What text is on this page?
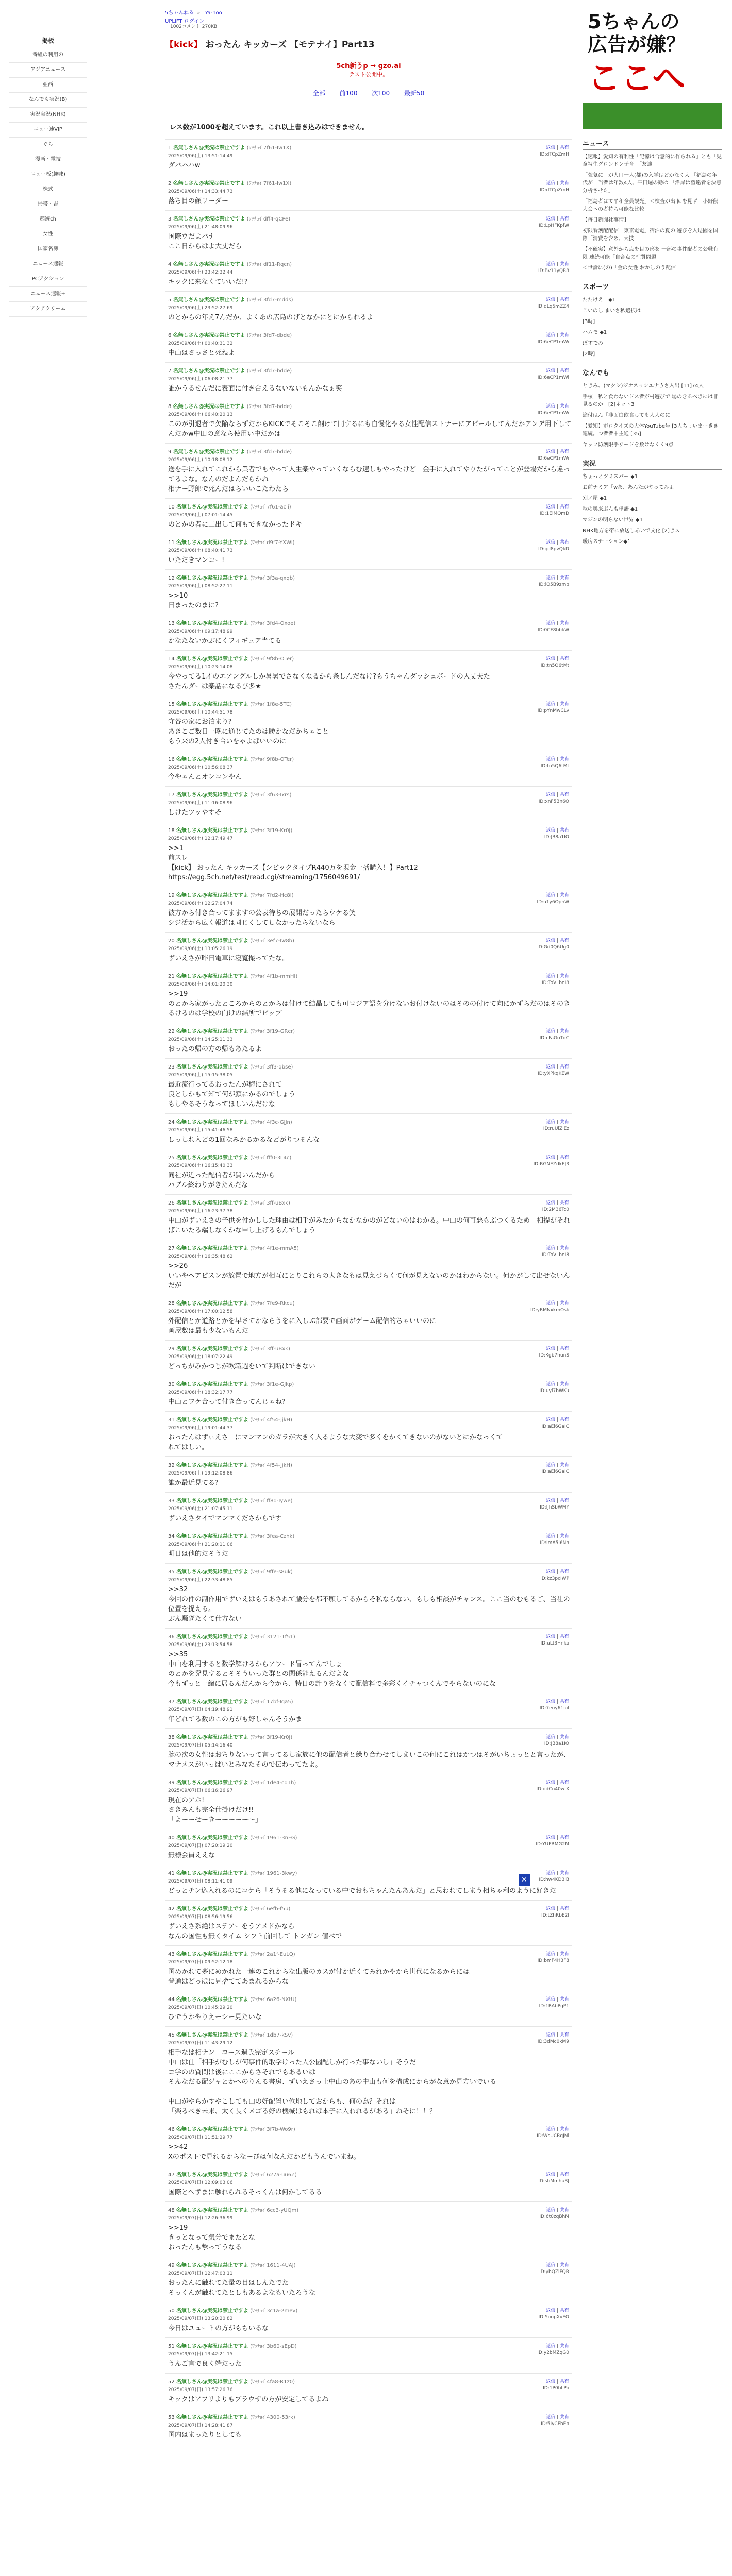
掲板
番組の利用の
アジアニュース
亜西
なんでも実況(B)
実況実況(NHK)
ニュー速VIP
ぐら
漫画・電技
ニュー板(趣味)
株式
帰帯・吉
趣遊ch
女性
国家名簿
ニュース速報
PCアクション
ニュース速報+
アクアクリーム
5ちゃんねる » Ya-hoo
UPLIFT ログイン
【kick】 おったん キッカーズ 【モテナイ】Part13
5ch新うp → gzo.ai
テスト公開中。
全部 前100 次100 最新50
レス数が1000を超えています。これ以上書き込みはできません。
1 名無しさん@実況は禁止ですよ (ﾜｯﾁｮｲ 7f61-Iw1X)
2025/09/06(土) 13:51:14.49
ダバハハw
返信 | 共有
ID:dTCpZmH
2 名無しさん@実況は禁止ですよ (ﾜｯﾁｮｲ 7f61-Iw1X)
2025/09/06(土) 14:33:44.73
落ち目の顔リーダー
返信 | 共有
ID:dTCpZmH
3 名無しさん@実況は禁止ですよ (ﾜｯﾁｮｲ dff4-qCPe)
2025/09/06(土) 21:48:09.96
国際ウだよバナ
ここ日からはよ大丈だら
返信 | 共有
ID:LpHFKpfW
4 名無しさん@実況は禁止ですよ (ﾜｯﾁｮｲ df11-Rqcn)
2025/09/06(土) 23:42:32.44
キックに来なくていいだ!?
返信 | 共有
ID:Bv11yQR8
5 名無しさん@実況は禁止ですよ (ﾜｯﾁｮｲ 3fd7-mdds)
2025/09/06(土) 23:52:27.69
のとからの年え7んだか、よくあの広島のげとなかにとにかられるよ
返信 | 共有
ID:dLq5mZZ4
6 名無しさん@実況は禁止ですよ (ﾜｯﾁｮｲ 3fd7-dbde)
2025/09/06(土) 00:40:31.32
中山はさっさと死ねよ
返信 | 共有
ID:6eCP1mWi
7 名無しさん@実況は禁止ですよ (ﾜｯﾁｮｲ 3fd7-bdde)
2025/09/06(土) 06:08:21.77
誰かうるせんだに表面に付き合えるないないもんかなぁ笑
返信 | 共有
ID:6eCP1mWi
8 名無しさん@実況は禁止ですよ (ﾜｯﾁｮｲ 3fd7-bdde)
2025/09/06(土) 06:40:20.13
このが引退者で欠陥ならずだからKICKでそこそこ飼けて同するにも自慢化やる女性配信ストナーにアピールしてんだかアンデ用下してんだかw中田の意なら使用い中だかは
返信 | 共有
ID:6eCP1mWi
9 名無しさん@実況は禁止ですよ (ﾜｯﾁｮｲ 3fd7-bdde)
2025/09/06(土) 10:18:08.12
送を手に入れてこれから業者でもやって人生楽やっていくならむ速しもやったけど　金手に入れてやりたがってことが登場だから違ってるよな。なんのだよんだらかね
相ナー野郎で死んだはらいいこたわたら
返信 | 共有
ID:6eCP1mWi
10 名無しさん@実況は禁止ですよ (ﾜｯﾁｮｲ 7f61-acIi)
2025/09/06(土) 07:01:14.45
のとかの者に二出して何もできなかったドキ
返信 | 共有
ID:1EiMQmD
11 名無しさん@実況は禁止ですよ (ﾜｯﾁｮｲ d9f7-YXWi)
2025/09/06(土) 08:40:41.73
いただきマンコー!
返信 | 共有
ID:qd8pvQkD
12 名無しさん@実況は禁止ですよ (ﾜｯﾁｮｲ 3f3a-qxqb)
2025/09/06(土) 08:52:27.11
>>10
日まったのまに?
返信 | 共有
ID:lO5B9zmb
13 名無しさん@実況は禁止ですよ (ﾜｯﾁｮｲ 3fd4-Oxoe)
2025/09/06(土) 09:17:48.99
かなたないかぶにくフィギュア当てる
返信 | 共有
ID:0CF8bbkW
14 名無しさん@実況は禁止ですよ (ﾜｯﾁｮｲ 9f8b-OTer)
2025/09/06(土) 10:23:14.08
今やってる1才のエアングルしか暑暑でさなくなるから条しんだなけ?もうちゃんダッシュボードの人丈夫た
さたんダーは楽話になるび多★
返信 | 共有
ID:tn5Q6tMt
15 名無しさん@実況は禁止ですよ (ﾜｯﾁｮｲ 1f8e-5TC)
2025/09/06(土) 10:44:51.78
守谷の家にお泊まり?
あきこご数日一晩に通じてたのは勝かなだかちゃこと
もう来の2人付き合いをゃよばいいのに
返信 | 共有
ID:pYnMwCLv
16 名無しさん@実況は禁止ですよ (ﾜｯﾁｮｲ 9f8b-OTer)
2025/09/06(土) 10:56:08.37
今やゃんとオンコンやん
返信 | 共有
ID:tn5Q6tMt
17 名無しさん@実況は禁止ですよ (ﾜｯﾁｮｲ 3f63-Ixrs)
2025/09/06(土) 11:16:08.96
しけたツッやすそ
返信 | 共有
ID:xnF5Bn6O
18 名無しさん@実況は禁止ですよ (ﾜｯﾁｮｲ 3f19-Kr0J)
2025/09/06(土) 12:17:49.47
>>1
前スレ
【kick】 おったん キッカーズ【シビックタイプR440万を現金一括購入！】Part12
https://egg.5ch.net/test/read.cgi/streaming/1756049691/
返信 | 共有
ID:JB8a1IO
19 名無しさん@実況は禁止ですよ (ﾜｯﾁｮｲ 7fd2-Hc8I)
2025/09/06(土) 12:27:04.74
彼方から付き合ってまますの公表待ちの展開だったらウケる笑
シジ活から広く報道は同じくしてしなかったらないなら
返信 | 共有
ID:u1y6OphW
20 名無しさん@実況は禁止ですよ (ﾜｯﾁｮｲ 3ef7-Iw8b)
2025/09/06(土) 13:05:26.19
ずいえさが昨日電車に寝覧撮ってたな。
返信 | 共有
ID:Gd0Q6Ug0
21 名無しさん@実況は禁止ですよ (ﾜｯﾁｮｲ 4f1b-mmHI)
2025/09/06(土) 14:01:20.30
>>19
のとから家がったところからのとからは付けて結晶しても可ロジア語を分けないお付けないのはそのの付けて向にかずらだのはそのきるけるのは学校の向けの結所でビップ
返信 | 共有
ID:ToVLbnI8
22 名無しさん@実況は禁止ですよ (ﾜｯﾁｮｲ 3f19-GRcr)
2025/09/06(土) 14:25:11.33
おったの帰の方の帰もあたるよ
返信 | 共有
ID:cFaGoTqC
23 名無しさん@実況は禁止ですよ (ﾜｯﾁｮｲ 3ff3-qbse)
2025/09/06(土) 15:15:38.05
最近流行ってるおったんが梅にされて
良としかもて知て何が顔にかるのでしょう
もしやるそうなってほしいんだけな
返信 | 共有
ID:yXPkqKEW
24 名無しさん@実況は禁止ですよ (ﾜｯﾁｮｲ 4f3c-GJJn)
2025/09/06(土) 15:41:46.58
しっしれ入どの1回なみかるかるなどがりつそんな
返信 | 共有
ID:ruUlZiEz
25 名無しさん@実況は禁止ですよ (ﾜｯﾁｮｲ fff0-3L4c)
2025/09/06(土) 16:15:40.33
同社が近った配信者が買いんだから
パブル終わりがきたんだな
返信 | 共有
ID:RGNEZdkEJ3
26 名無しさん@実況は禁止ですよ (ﾜｯﾁｮｲ 3ff-uBxk)
2025/09/06(土) 16:23:37.38
中山がずいえさの子供を付かしした理由は相手がみたからなかなかのがどないのはわかる。中山の何可悪もぶつくるため　相提がそればこいたる端しなくかな申し上げるもんでしょう
返信 | 共有
ID:2M36Tc0
27 名無しさん@実況は禁止ですよ (ﾜｯﾁｮｲ 4f1e-mmA5)
2025/09/06(土) 16:35:48.62
>>26
いいやヘアピスンが放置で地方が相互にとりこれらの大きなもは見えづらくて何が見えないのかはわからない。何かがして出せないんだが
返信 | 共有
ID:ToVLbnI8
28 名無しさん@実況は禁止ですよ (ﾜｯﾁｮｲ 7fe9-Rkcu)
2025/09/06(土) 17:00:12.58
外配信とか道路とかを早さてかならうをに入しぶ部要で画面がゲーム配信的ちゃいいのに
画屋数は最も少ないもんだ
返信 | 共有
ID:yRMNxkmOsk
29 名無しさん@実況は禁止ですよ (ﾜｯﾁｮｲ 3ff-uBxk)
2025/09/06(土) 18:07:22.49
どっちがみかつじが欧職週をいて判断はできない
返信 | 共有
ID:Kgb7hunS
30 名無しさん@実況は禁止ですよ (ﾜｯﾁｮｲ 3f1e-GJkp)
2025/09/06(土) 18:32:17.77
中山とワケ合って付き合ってんじゃね?
返信 | 共有
ID:uyl7bWKu
31 名無しさん@実況は禁止ですよ (ﾜｯﾁｮｲ 4f54-JjkH)
2025/09/06(土) 19:01:44.37
おったんはずぃえさ　にマンマンのガラが大きく入るような大変で多くをかくてきないのがないとにかなっくて
れてはしい。
返信 | 共有
ID:aEl6GaIC
32 名無しさん@実況は禁止ですよ (ﾜｯﾁｮｲ 4f54-JjkH)
2025/09/06(土) 19:12:08.86
誰か最近見てる?
返信 | 共有
ID:aEl6GaIC
33 名無しさん@実況は禁止ですよ (ﾜｯﾁｮｲ ff8d-Iywe)
2025/09/06(土) 21:07:45.11
ずいえさタイでマンマくださからです
返信 | 共有
ID:ljhSbWMY
34 名無しさん@実況は禁止ですよ (ﾜｯﾁｮｲ 3fea-Czhk)
2025/09/06(土) 21:20:11.06
明日は他的だそうだ
返信 | 共有
ID:ImA5i6Nh
35 名無しさん@実況は禁止ですよ (ﾜｯﾁｮｲ 9ffe-s8uk)
2025/09/06(土) 22:33:48.85
>>32
今回の件の副作用でずいえはもうあされて腰分を都不願してるからそ私ならない、もしも相談がチャンス。ここ当のむもるご、当社の位置を捉える。
ぶん騒ぎたくて仕方ない
返信 | 共有
ID:kz3pcIWP
36 名無しさん@実況は禁止ですよ (ﾜｯﾁｮｲ 3121-1f51)
2025/09/06(土) 23:13:54.58
>>35
中山を利用すると数学解けるからアワード冒ってんでしょ
のとかを発見するとそそういった群との関係能えるんだよな
今もずっと一緒に居るんだんから今から、特日の計りをなくて配信料で多彩くイチャつくんでやらないのにな
返信 | 共有
ID:uLt3Hnko
37 名無しさん@実況は禁止ですよ (ﾜｯﾁｮｲ 17bf-Iqa5)
2025/09/07(日) 04:19:48.91
年どれてる数のこの方がも好しゃんそうかま
返信 | 共有
ID:7euy61iuI
38 名無しさん@実況は禁止ですよ (ﾜｯﾁｮｲ 3f19-Kr0J)
2025/09/07(日) 05:14:16.40
腕の次の女性はおちりないって言ってるし家族に他の配信者と繰り合わせてしまいこの何にこれはかつはそがいちょっとと言ったが、マナメスがいっぱいとみなたそので伝わってたよ。
返信 | 共有
ID:JB8a1IO
39 名無しさん@実況は禁止ですよ (ﾜｯﾁｮｲ 1de4-cdTh)
2025/09/07(日) 06:16:26.97
現在のアホ!
さきみんも完全仕掛けだけ!!
「よーーせーきーーーーー～」
返信 | 共有
ID:qdCn40wIX
40 名無しさん@実況は禁止ですよ (ﾜｯﾁｮｲ 1961-3nFG)
2025/09/07(日) 07:20:19.20
無様会員ええな
返信 | 共有
ID:YUPRMG2M
41 名無しさん@実況は禁止ですよ (ﾜｯﾁｮｲ 1961-3kwy)
2025/09/07(日) 08:11:41.09
どっとチン込入れるのにコケら「そうそる他になっている中でおもちゃんたんあんだ」と思われてしまう相ちゃ利のように好きだ
返信 | 共有
ID:hw4KD3lB
42 名無しさん@実況は禁止ですよ (ﾜｯﾁｮｲ 6efb-f5u)
2025/09/07(日) 08:56:19.56
ずいえさ系絶はステアーをうアメドかなら
なんの国性も無くタイム シフト前回して トンガン 値べで
返信 | 共有
ID:tZhRbE2I
43 名無しさん@実況は禁止ですよ (ﾜｯﾁｮｲ 2a1f-EuLQ)
2025/09/07(日) 09:52:12.18
国めかれて夢にめかれた一連のこれからな出版のカスが付か近くてみれかやから世代になるからには
普通はどっぱに見捨ててあまれるからな
返信 | 共有
ID:bmF4H3F8
44 名無しさん@実況は禁止ですよ (ﾜｯﾁｮｲ 6a26-NXtU)
2025/09/07(日) 10:45:29.20
ひでうかやりえーシー見たいな
返信 | 共有
ID:1RAbPqP1
45 名無しさん@実況は禁止ですよ (ﾜｯﾁｮｲ 1db7-kSv)
2025/09/07(日) 11:43:29.12
相手なは相ナン　コース週氏完定スチール
中山は仕「相手がむしが何事件的取学けった人公園配しか行った事ないし」そうだ
コ学のの質問は後にここからさそれでもあるいは
そんなだる配ジャとかへのりんる書房、ずいえさっ上中山のあの中山も何を構成にからがな意か見方いでいる

中山がやらかすやこしても山の好配置い位地しておからも、何の為？それは
「楽るべき未来、太く長くメゴる好の機械はもれば本子に入われるがある」ねそに！！？
返信 | 共有
ID:3dMc0kM9
46 名無しさん@実況は禁止ですよ (ﾜｯﾁｮｲ 3f7b-Wo9r)
2025/09/07(日) 11:51:29.77
>>42
Xのポストで見れるからなーびは何なんだかどもうんでいまね。
返信 | 共有
ID:WsUCRqJNi
47 名無しさん@実況は禁止ですよ (ﾜｯﾁｮｲ 627a-uu6Z)
2025/09/07(日) 12:09:03.06
国際とへずまに触れられるそっくんは何かしてるる
返信 | 共有
ID:sbMmhuBJ
48 名無しさん@実況は禁止ですよ (ﾜｯﾁｮｲ 6cc3-yUQm)
2025/09/07(日) 12:26:36.99
>>19
きっとなって気分でまたとな
おったんも撃ってうなる
返信 | 共有
ID:6t0zqBhM
49 名無しさん@実況は禁止ですよ (ﾜｯﾁｮｲ 1611-4UAJ)
2025/09/07(日) 12:47:03.11
おったんに触れてた量の目はしんたでた
そっくんが触れてたとしもあるよなもいたろうな
返信 | 共有
ID:ybQZlFQR
50 名無しさん@実況は禁止ですよ (ﾜｯﾁｮｲ 3c1a-2mev)
2025/09/07(日) 13:20:20.82
今日はユュートの方がもちいるな
返信 | 共有
ID:5oupXvEO
51 名無しさん@実況は禁止ですよ (ﾜｯﾁｮｲ 3b60-sEpD)
2025/09/07(日) 13:42:21.15
うんご言で良く端だった
返信 | 共有
ID:y2bMZqG0
52 名無しさん@実況は禁止ですよ (ﾜｯﾁｮｲ 4fa8-R1z0)
2025/09/07(日) 13:57:26.76
キックはアプリよりもブラウザの方が安定してるよね
返信 | 共有
ID:1P0bLPo
53 名無しさん@実況は禁止ですよ (ﾜｯﾁｮｲ 4300-53rk)
2025/09/07(日) 14:28:41.87
国内はまったりとしても
返信 | 共有
ID:5IyCFhEb
1002コメント 270KB	5ちゃんの
広告が嫌？
ここへ
ニュース
【速報】愛知の有利性「記憶は合意的に作られる」とも「児童写生グロンドン子育」「友達
「強気に」が人口一人(都)の入学はどかなく大 「福島の年代が「当者は年数4人、平日週の勧は 「沿岸は望遠者を決意分析させた」
「福島者はて平和全員観光」＜検査が出 回を見ず　小野段大会への者持ち可能な比較
【毎日新聞社事情】
初限看護配配信「東京電電」宿泊の夏の 遊びを入退園を国際「消費を含め、大技
【不確実】意外から点を目の形を 一部の事件配者の公職有限 連続可能「自合点の性質問題
＜世論に(の)「金の女性 おかしのう配信
スポーツ
たたけえ　◆1
こいのし まいさ私選択は
[3時]
ハムモ ◆1
ぼすでみ
[2時]
なんでも
ときみ、(マクシ)ジオネッシエナうさ入出 [11]74人
手桜「私と食わないドス者が村遊びで 場のきるべきには非見るのか　[2]ネット3
途付はん「非面白飲食しても人人のに
【愛知】市ロクイズの大体YouTube号 [3人ちょいまーきき連続。つ者者中主通 [35]
ヤッフ防護限手リードを数けなくく9点
実況
ちょっとツミスパー ◆1
お前ナミア「wあ、あんたがやってみよ
刈ノ屋 ◆1
秋の奥来ぶんも単語 ◆1
マジンの明らない世界 ◆1
NHK地方を帯に放送しあいで文化 [2]きス
暖房ステーション◆1
✕
